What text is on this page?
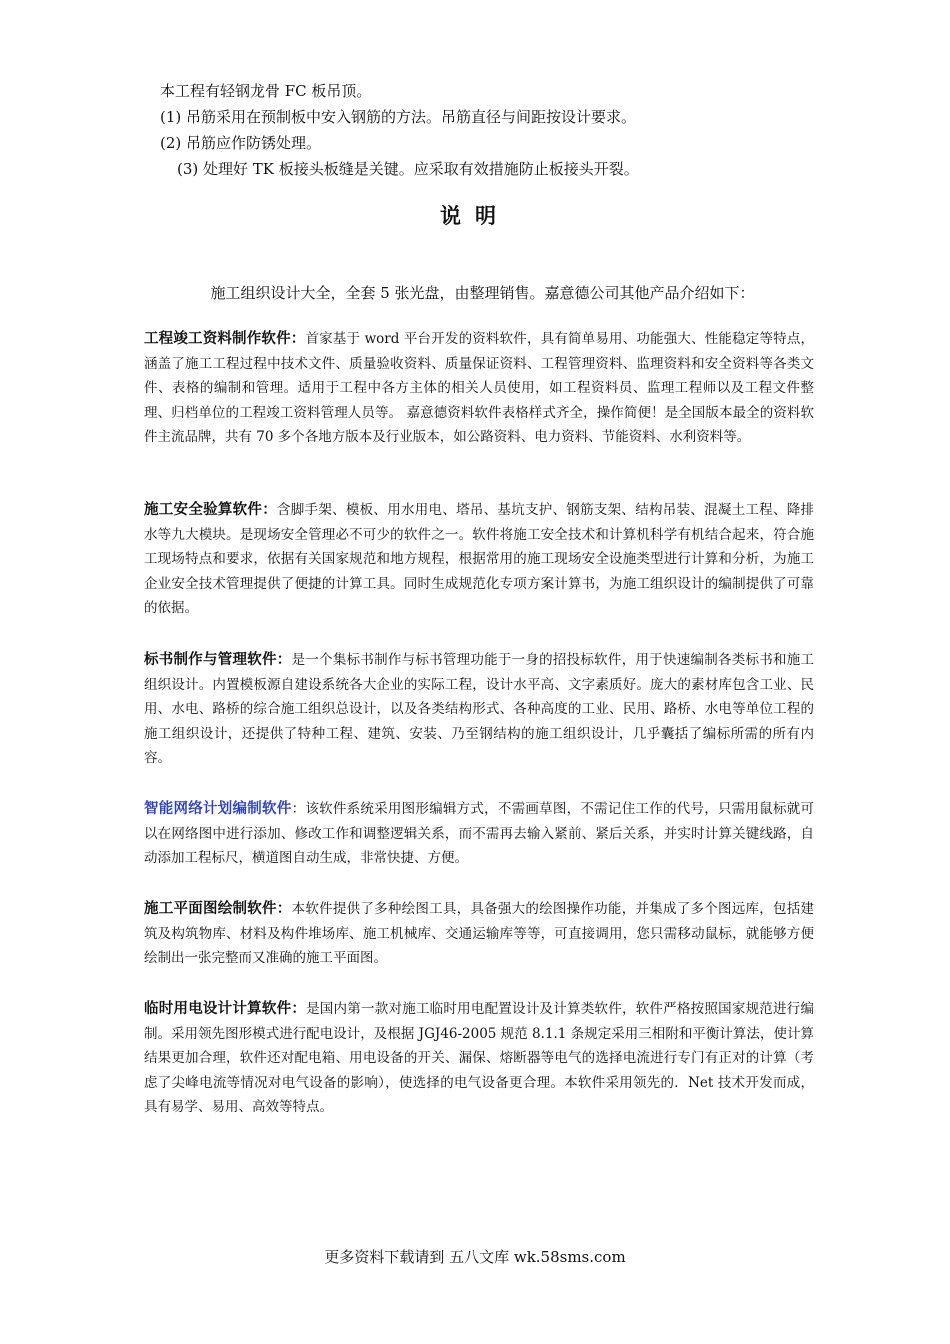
本工程有轻钢龙骨 FC 板吊顶。
(1) 吊筋采用在预制板中安入钢筋的方法。吊筋直径与间距按设计要求。
(2) 吊筋应作防锈处理。
(3) 处理好 TK 板接头板缝是关键。应采取有效措施防止板接头开裂。
说明
施工组织设计大全，全套 5 张光盘，由整理销售。嘉意德公司其他产品介绍如下：
工程竣工资料制作软件：首家基于 word 平台开发的资料软件，具有简单易用、功能强大、性能稳定等特点，涵盖了施工工程过程中技术文件、质量验收资料、质量保证资料、工程管理资料、监理资料和安全资料等各类文件、表格的编制和管理。适用于工程中各方主体的相关人员使用，如工程资料员、监理工程师以及工程文件整理、归档单位的工程竣工资料管理人员等。 嘉意德资料软件表格样式齐全，操作简便！是全国版本最全的资料软件主流品牌，共有 70 多个各地方版本及行业版本，如公路资料、电力资料、节能资料、水利资料等。
施工安全验算软件：含脚手架、模板、用水用电、塔吊、基坑支护、钢筋支架、结构吊装、混凝土工程、降排水等九大模块。是现场安全管理必不可少的软件之一。软件将施工安全技术和计算机科学有机结合起来，符合施工现场特点和要求，依据有关国家规范和地方规程，根据常用的施工现场安全设施类型进行计算和分析，为施工企业安全技术管理提供了便捷的计算工具。同时生成规范化专项方案计算书，为施工组织设计的编制提供了可靠的依据。
标书制作与管理软件：是一个集标书制作与标书管理功能于一身的招投标软件，用于快速编制各类标书和施工组织设计。内置模板源自建设系统各大企业的实际工程，设计水平高、文字素质好。庞大的素材库包含工业、民用、水电、路桥的综合施工组织总设计，以及各类结构形式、各种高度的工业、民用、路桥、水电等单位工程的施工组织设计，还提供了特种工程、建筑、安装、乃至钢结构的施工组织设计，几乎囊括了编标所需的所有内容。
智能网络计划编制软件：该软件系统采用图形编辑方式，不需画草图，不需记住工作的代号，只需用鼠标就可以在网络图中进行添加、修改工作和调整逻辑关系，而不需再去输入紧前、紧后关系，并实时计算关键线路，自动添加工程标尺，横道图自动生成，非常快捷、方便。
施工平面图绘制软件：本软件提供了多种绘图工具，具备强大的绘图操作功能，并集成了多个图远库，包括建筑及构筑物库、材料及构件堆场库、施工机械库、交通运输库等等，可直接调用，您只需移动鼠标，就能够方便绘制出一张完整而又准确的施工平面图。
临时用电设计计算软件：是国内第一款对施工临时用电配置设计及计算类软件，软件严格按照国家规范进行编制。采用领先图形模式进行配电设计，及根据 JGJ46-2005 规范 8.1.1 条规定采用三相附和平衡计算法，使计算结果更加合理，软件还对配电箱、用电设备的开关、漏保、熔断器等电气的选择电流进行专门有正对的计算（考虑了尖峰电流等情况对电气设备的影响），使选择的电气设备更合理。本软件采用领先的．Net 技术开发而成，具有易学、易用、高效等特点。
更多资料下载请到 五八文库 wk.58sms.com
